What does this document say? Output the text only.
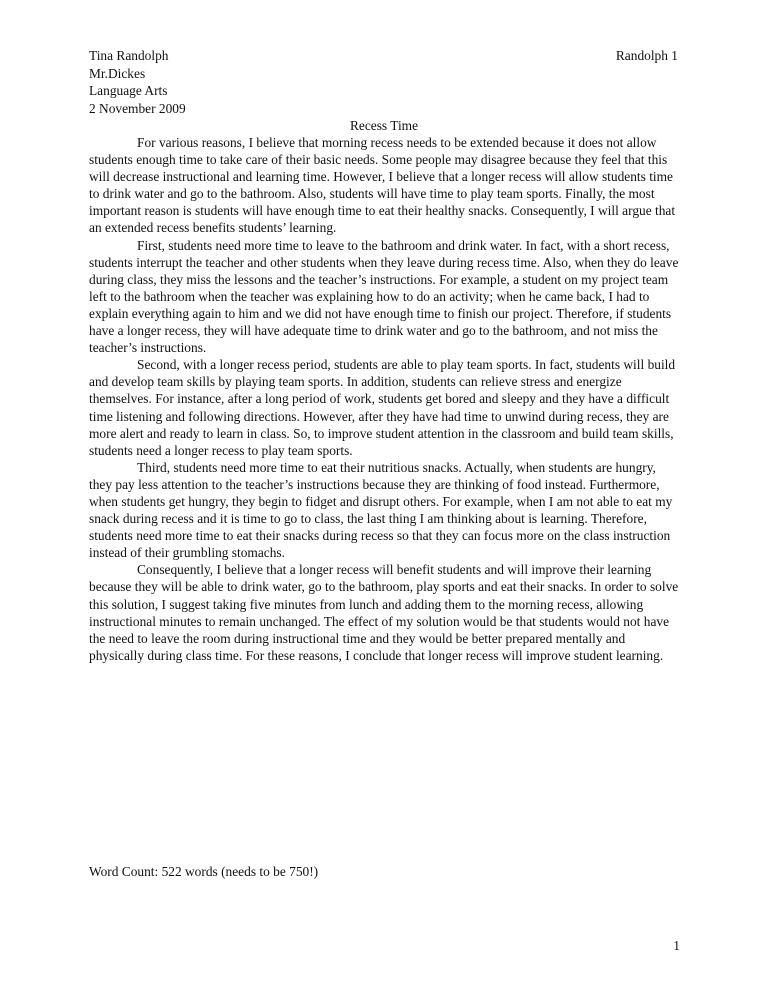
Tina Randolph
Mr.Dickes
Language Arts
2 November 2009
Randolph 1
Recess Time

For various reasons, I believe that morning recess needs to be extended because it does not allow students enough time to take care of their basic needs. Some people may disagree because they feel that this will decrease instructional and learning time. However, I believe that a longer recess will allow students time to drink water and go to the bathroom. Also, students will have time to play team sports. Finally, the most important reason is students will have enough time to eat their healthy snacks. Consequently, I will argue that an extended recess benefits students’ learning.

First, students need more time to leave to the bathroom and drink water. In fact, with a short recess, students interrupt the teacher and other students when they leave during recess time. Also, when they do leave during class, they miss the lessons and the teacher’s instructions. For example, a student on my project team left to the bathroom when the teacher was explaining how to do an activity; when he came back, I had to explain everything again to him and we did not have enough time to finish our project. Therefore, if students have a longer recess, they will have adequate time to drink water and go to the bathroom, and not miss the teacher’s instructions.

Second, with a longer recess period, students are able to play team sports. In fact, students will build and develop team skills by playing team sports. In addition, students can relieve stress and energize themselves. For instance, after a long period of work, students get bored and sleepy and they have a difficult time listening and following directions. However, after they have had time to unwind during recess, they are more alert and ready to learn in class. So, to improve student attention in the classroom and build team skills, students need a longer recess to play team sports.

Third, students need more time to eat their nutritious snacks. Actually, when students are hungry, they pay less attention to the teacher’s instructions because they are thinking of food instead. Furthermore, when students get hungry, they begin to fidget and disrupt others. For example, when I am not able to eat my snack during recess and it is time to go to class, the last thing I am thinking about is learning. Therefore, students need more time to eat their snacks during recess so that they can focus more on the class instruction instead of their grumbling stomachs.

Consequently, I believe that a longer recess will benefit students and will improve their learning because they will be able to drink water, go to the bathroom, play sports and eat their snacks. In order to solve this solution, I suggest taking five minutes from lunch and adding them to the morning recess, allowing instructional minutes to remain unchanged. The effect of my solution would be that students would not have the need to leave the room during instructional time and they would be better prepared mentally and physically during class time. For these reasons, I conclude that longer recess will improve student learning.

Word Count: 522 words (needs to be 750!)
1
